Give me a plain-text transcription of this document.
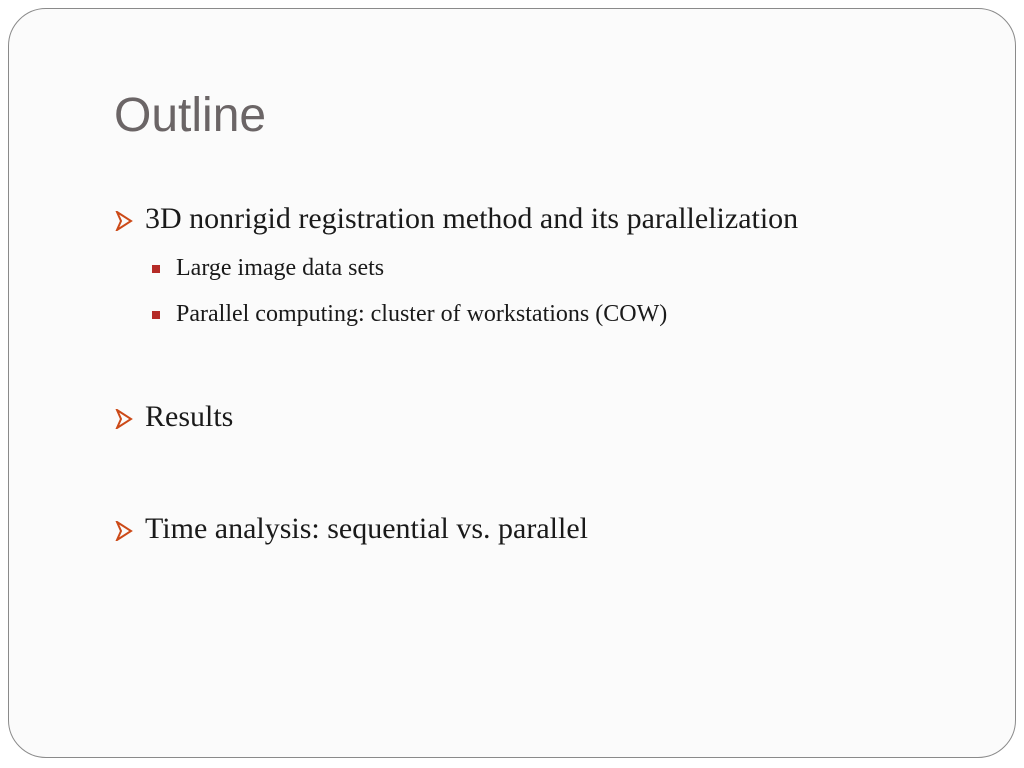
Outline
3D nonrigid registration method and its parallelization
Large image data sets
Parallel computing: cluster of workstations (COW)
Results
Time analysis: sequential vs. parallel
